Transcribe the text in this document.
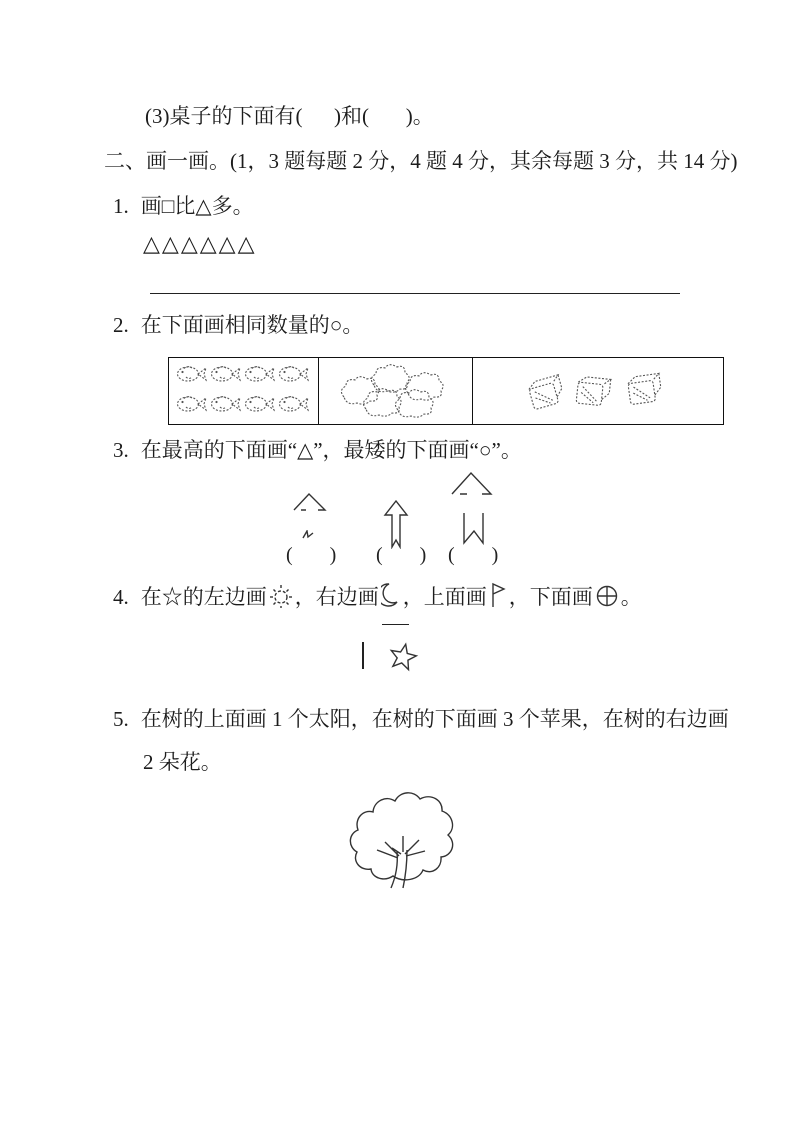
(3)桌子的下面有(      )和(       )。
二、画一画。(1，3 题每题 2 分，4 题 4 分，其余每题 3 分，共 14 分)
1. 画□比△多。
△△△△△△
2. 在下面画相同数量的○。
3. 在最高的下面画“△”，最矮的下面画“○”。
(      ) (      ) (      )
4. 在☆的左边画 ，右边画 ，上面画 ，下面画 。
5. 在树的上面画 1 个太阳，在树的下面画 3 个苹果，在树的右边画
2 朵花。
